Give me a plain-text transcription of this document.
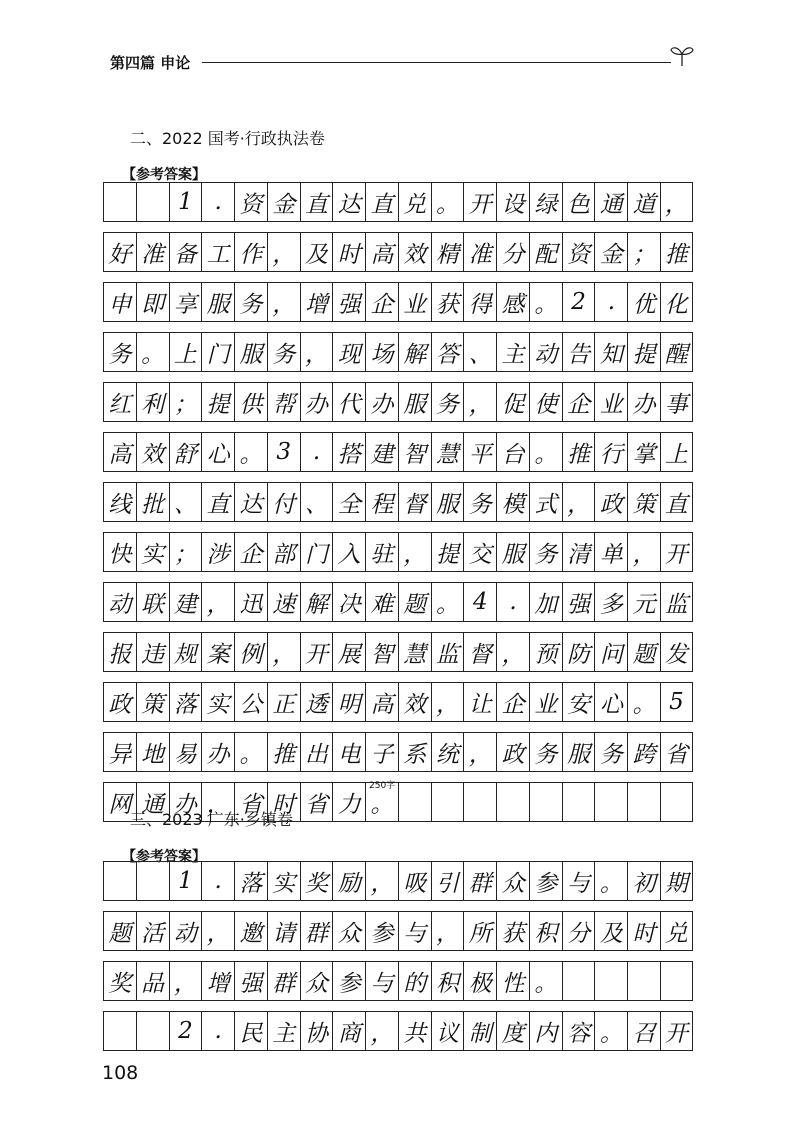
第四篇 申论
二、2022 国考·行政执法卷
【参考答案】
1 . 资 金 直 达 直 兑 。 开 设 绿 色 通 道 ，
好 准 备 工 作 ， 及 时 高 效 精 准 分 配 资 金 ； 推
申 即 享 服 务 ， 增 强 企 业 获 得 感 。 2 . 优 化
务 。 上 门 服 务 ， 现 场 解 答 、 主 动 告 知 提 醒
红 利 ； 提 供 帮 办 代 办 服 务 ， 促 使 企 业 办 事
高 效 舒 心 。 3 . 搭 建 智 慧 平 台 。 推 行 掌 上
线 批 、 直 达 付 、 全 程 督 服 务 模 式 ， 政 策 直
快 实 ； 涉 企 部 门 入 驻 ， 提 交 服 务 清 单 ， 开
动 联 建 ， 迅 速 解 决 难 题 。 4 . 加 强 多 元 监
报 违 规 案 例 ， 开 展 智 慧 监 督 ， 预 防 问 题 发
政 策 落 实 公 正 透 明 高 效 ， 让 企 业 安 心 。 5
异 地 易 办 。 推 出 电 子 系 统 ， 政 务 服 务 跨 省
网 通 办 ， 省 时 省 力 。
250字
三、2023 广东·乡镇卷
【参考答案】
1 . 落 实 奖 励 ， 吸 引 群 众 参 与 。 初 期
题 活 动 ， 邀 请 群 众 参 与 ， 所 获 积 分 及 时 兑
奖 品 ， 增 强 群 众 参 与 的 积 极 性 。
2 . 民 主 协 商 ， 共 议 制 度 内 容 。 召 开
108
